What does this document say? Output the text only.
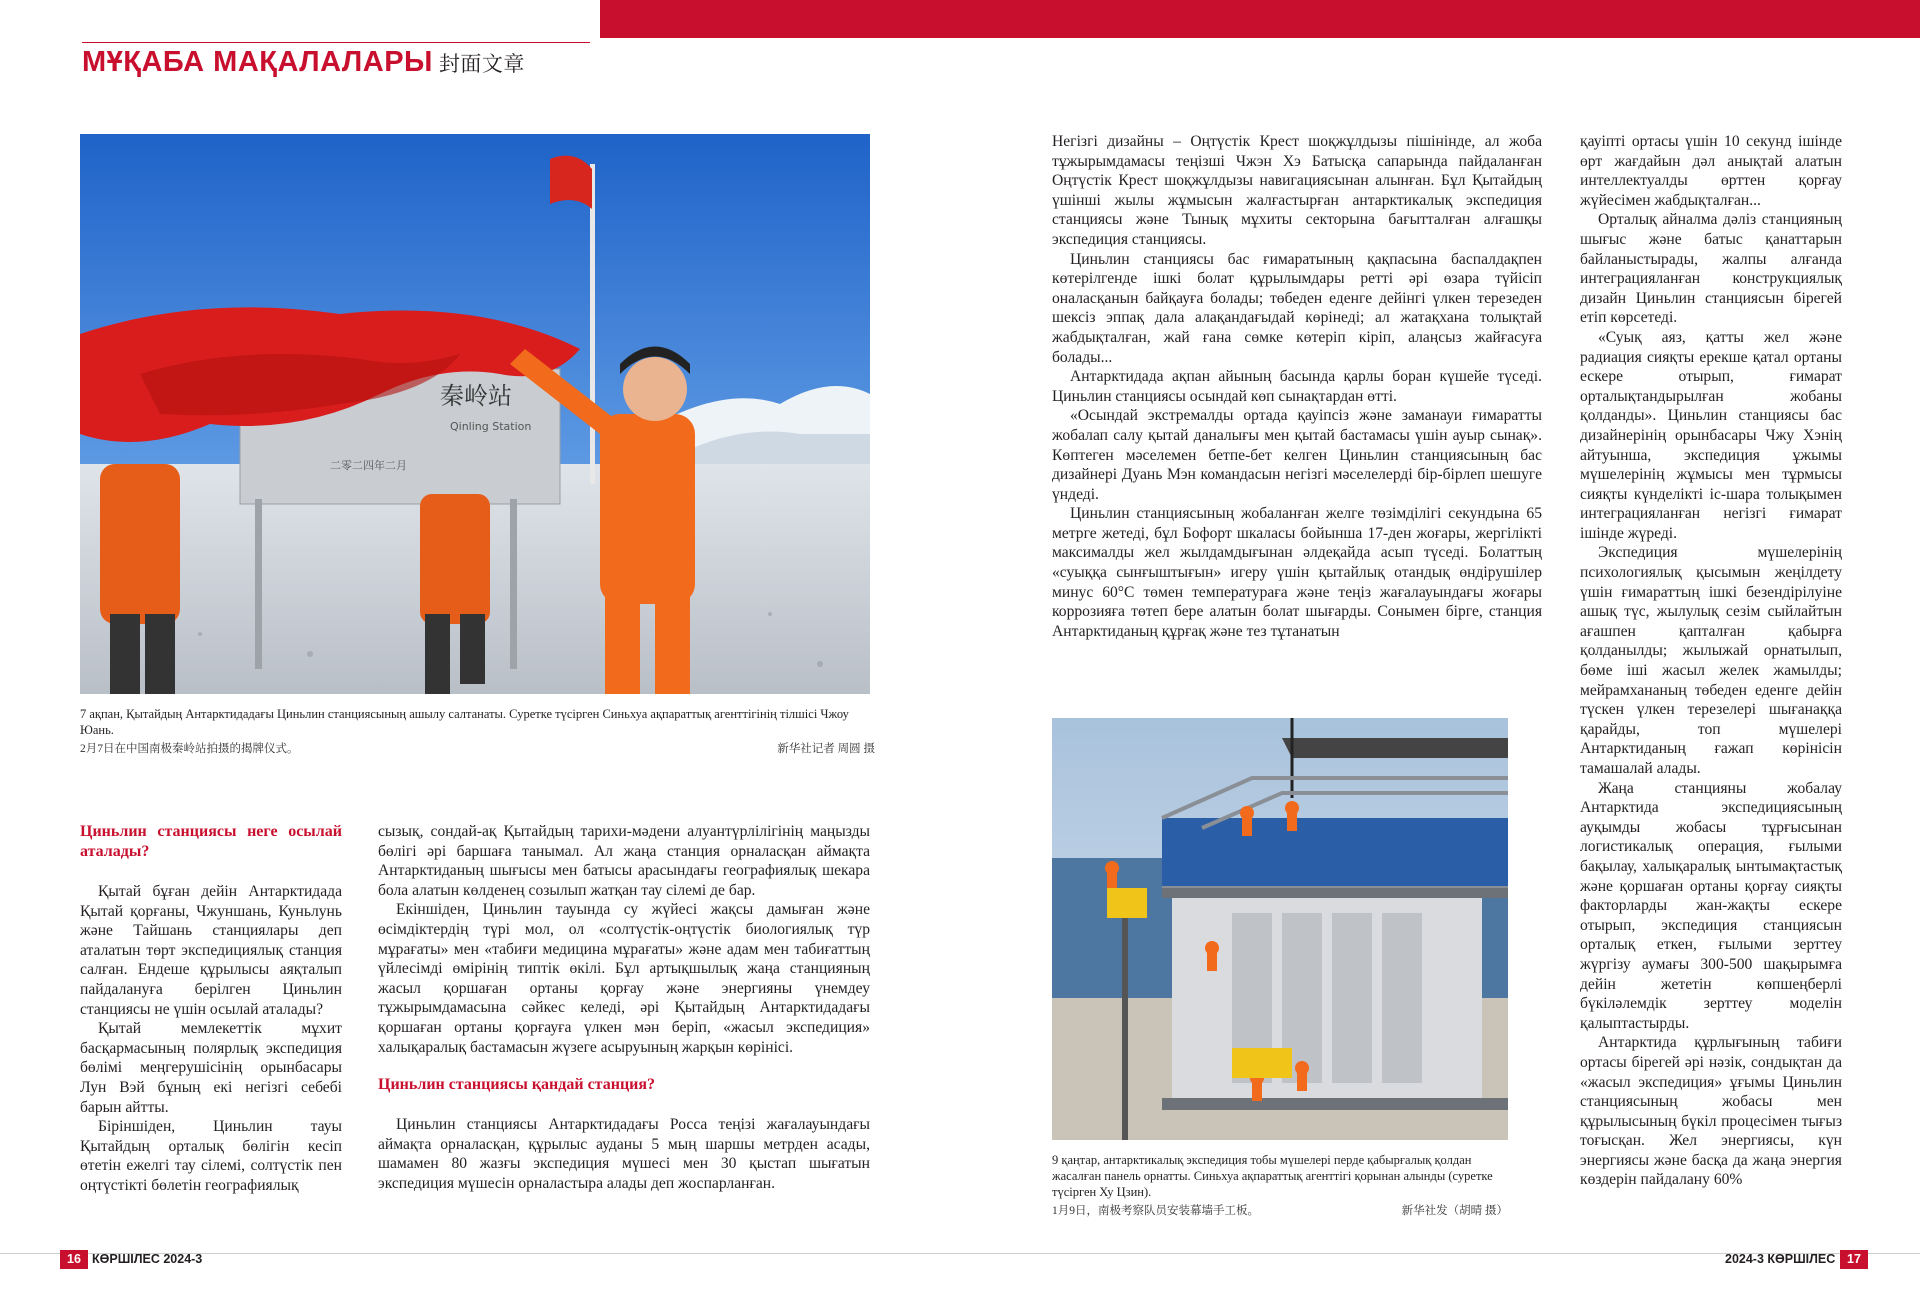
МҰҚАБА МАҚАЛАЛАРЫ 封面文章
秦岭站
Qinling Station
二零二四年二月
7 ақпан, Қытайдың Антарктидадағы Циньлин станциясының ашылу салтанаты. Суретке түсірген Синьхуа ақпараттық агенттігінің тілшісі Чжоу Юань.
2月7日在中国南极秦岭站拍摄的揭牌仪式。	新华社记者 周圆 摄
Циньлин станциясы неге осылай аталады?

Қытай бұған дейін Антарктидада Қытай қорғаны, Чжуншань, Куньлунь және Тайшань станциялары деп аталатын төрт экспедициялық станция салған. Ендеше құрылысы аяқталып пайдалануға берілген Циньлин станциясы не үшін осылай аталады?

Қытай мемлекеттік мұхит басқармасының полярлық экспедиция бөлімі меңгерушісінің орынбасары Лун Вэй бұның екі негізгі себебі барын айтты.

Біріншіден, Циньлин тауы Қытайдың орталық бөлігін кесіп өтетін ежелгі тау сілемі, солтүстік пен оңтүстікті бөлетін географиялық

сызық, сондай-ақ Қытайдың тарихи-мәдени алуантүрлілігінің маңызды бөлігі әрі баршаға танымал. Ал жаңа станция орналасқан аймақта Антарктиданың шығысы мен батысы арасындағы географиялық шекара бола алатын көлденең созылып жатқан тау сілемі де бар.

Екіншіден, Циньлин тауында су жүйесі жақсы дамыған және өсімдіктердің түрі мол, ол «солтүстік-оңтүстік биологиялық түр мұрағаты» мен «табиғи медицина мұрағаты» және адам мен табиғаттың үйлесімді өмірінің типтік өкілі. Бұл артықшылық жаңа станцияның жасыл қоршаған ортаны қорғау және энергияны үнемдеу тұжырымдамасына сәйкес келеді, әрі Қытайдың Антарктидадағы қоршаған ортаны қорғауға үлкен мән беріп, «жасыл экспедиция» халықаралық бастамасын жүзеге асыруының жарқын көрінісі.

Циньлин станциясы қандай станция?

Циньлин станциясы Антарктидадағы Росса теңізі жағалауындағы аймақта орналасқан, құрылыс ауданы 5 мың шаршы метрден асады, шамамен 80 жазғы экспедиция мүшесі мен 30 қыстап шығатын экспедиция мүшесін орналастыра алады деп жоспарланған.

Негізгі дизайны – Оңтүстік Крест шоқжұлдызы пішінінде, ал жоба тұжырымдамасы теңізші Чжэн Хэ Батысқа сапарында пайдаланған Оңтүстік Крест шоқжұлдызы навигациясынан алынған. Бұл Қытайдың үшінші жылы жұмысын жалғастырған антарктикалық экспедиция станциясы және Тынық мұхиты секторына бағытталған алғашқы экспедиция станциясы.

Циньлин станциясы бас ғимаратының қақпасына баспалдақпен көтерілгенде ішкі болат құрылымдары ретті әрі өзара түйісіп оналасқанын байқауға болады; төбеден еденге дейінгі үлкен терезеден шексіз эппақ дала алақандағыдай көрінеді; ал жатақхана толықтай жабдықталған, жай ғана сөмке көтеріп кіріп, алаңсыз жайғасуға болады...

Антарктидада ақпан айының басында қарлы боран күшейе түседі. Циньлин станциясы осындай көп сынақтардан өтті.

«Осындай экстремалды ортада қауіпсіз және заманауи ғимаратты жобалап салу қытай даналығы мен қытай бастамасы үшін ауыр сынақ». Көптеген мәселемен бетпе-бет келген Циньлин станциясының бас дизайнері Дуань Мэн командасын негізгі мәселелерді бір-бірлеп шешуге үндеді.

Циньлин станциясының жобаланған желге төзімділігі секундына 65 метрге жетеді, бұл Бофорт шкаласы бойынша 17-ден жоғары, жергілікті максималды жел жылдамдығынан әлдеқайда асып түседі. Болаттың «суыққа сынғыштығын» игеру үшін қытайлық отандық өндірушілер минус 60°C төмен температураға және теңіз жағалауындағы жоғары коррозияға төтеп бере алатын болат шығарды. Сонымен бірге, станция Антарктиданың құрғақ және тез тұтанатын

9 қаңтар, антарктикалық экспедиция тобы мүшелері перде қабырғалық қолдан жасалған панель орнатты. Синьхуа ақпараттық агенттігі қорынан алынды (суретке түсірген Ху Цзин).
1月9日，南极考察队员安装幕墙手工板。	新华社发（胡晴 摄）

қауіпті ортасы үшін 10 секунд ішінде өрт жағдайын дәл анықтай алатын интеллектуалды өрттен қорғау жүйесімен жабдықталған...

Орталық айналма дәліз станцияның шығыс және батыс қанаттарын байланыстырады, жалпы алғанда интеграцияланған конструкциялық дизайн Циньлин станциясын бірегей етіп көрсетеді.

«Суық аяз, қатты жел және радиация сияқты ерекше қатал ортаны ескере отырып, ғимарат орталықтандырылған жобаны қолданды». Циньлин станциясы бас дизайнерінің орынбасары Чжу Хэнің айтуынша, экспедиция ұжымы мүшелерінің жұмысы мен тұрмысы сияқты күнделікті іс-шара толықымен интеграцияланған негізгі ғимарат ішінде жүреді.

Экспедиция мүшелерінің психологиялық қысымын жеңілдету үшін ғимараттың ішкі безендірілуіне ашық түс, жылулық сезім сыйлайтын ағашпен қапталған қабырға қолданылды; жылыжай орнатылып, бөме іші жасыл желек жамылды; мейрамхананың төбеден еденге дейін түскен үлкен терезелері шығанаққа қарайды, топ мүшелері Антарктиданың ғажап көрінісін тамашалай алады.

Жаңа станцияны жобалау Антарктида экспедициясының ауқымды жобасы тұрғысынан логистикалық операция, ғылыми бақылау, халықаралық ынтымақтастық және қоршаған ортаны қорғау сияқты факторларды жан-жақты ескере отырып, экспедиция станциясын орталық еткен, ғылыми зерттеу жүргізу аумағы 300-500 шақырымға дейін жететін көпшеңберлі бүкіләлемдік зерттеу моделін қалыптастырды.

Антарктида құрлығының табиғи ортасы бірегей әрі нәзік, сондықтан да «жасыл экспедиция» ұғымы Циньлин станциясының жобасы мен құрылысының бүкіл процесімен тығыз тоғысқан. Жел энергиясы, күн энергиясы және басқа да жаңа энергия көздерін пайдалану 60%

16 КӨРШІЛЕС 2024-3	2024-3 КӨРШІЛЕС 17
